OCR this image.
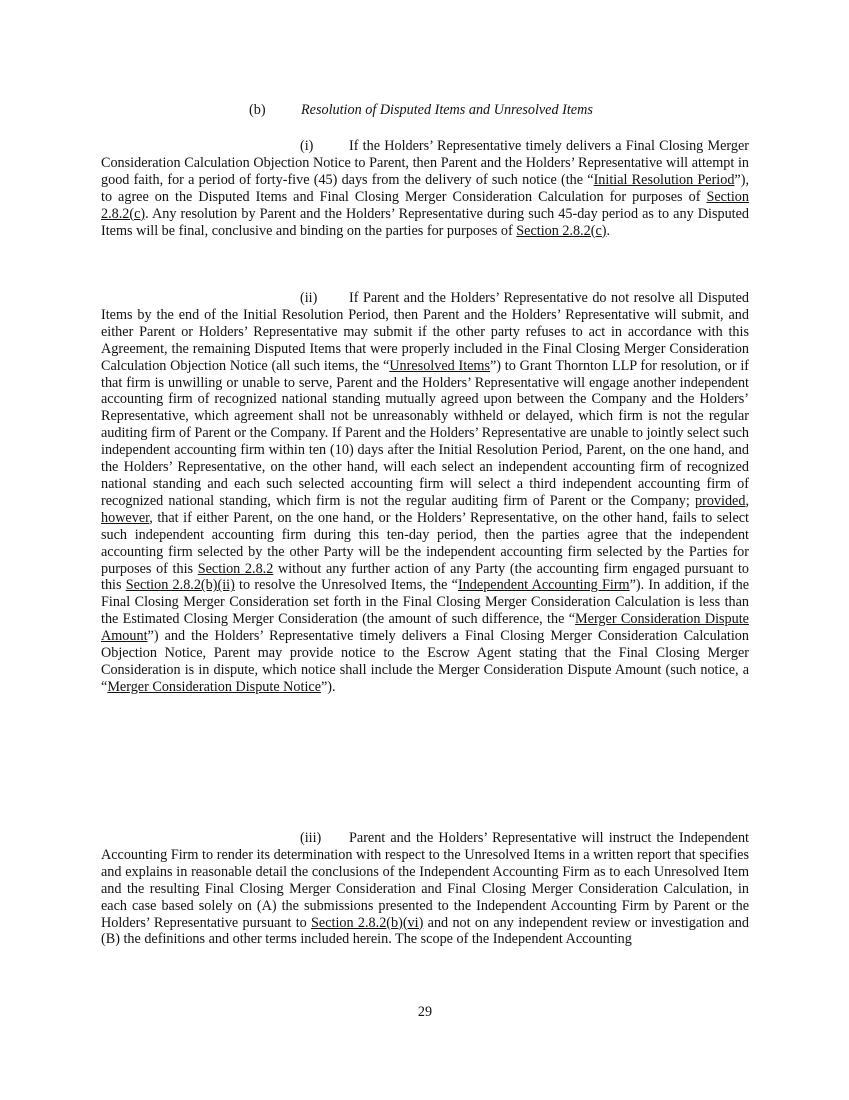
(b) Resolution of Disputed Items and Unresolved Items

(i)	If the Holders’ Representative timely delivers a Final Closing Merger Consideration Calculation Objection Notice to Parent, then Parent and the Holders’ Representative will attempt in good faith, for a period of forty-five (45) days from the delivery of such notice (the “Initial Resolution Period”), to agree on the Disputed Items and Final Closing Merger Consideration Calculation for purposes of Section 2.8.2(c). Any resolution by Parent and the Holders’ Representative during such 45-day period as to any Disputed Items will be final, conclusive and binding on the parties for purposes of Section 2.8.2(c).

(ii) If Parent and the Holders’ Representative do not resolve all Disputed Items by the end of the Initial Resolution Period, then Parent and the Holders’ Representative will submit, and either Parent or Holders’ Representative may submit if the other party refuses to act in accordance with this Agreement, the remaining Disputed Items that were properly included in the Final Closing Merger Consideration Calculation Objection Notice (all such items, the “Unresolved Items”) to Grant Thornton LLP for resolution, or if that firm is unwilling or unable to serve, Parent and the Holders’ Representative will engage another independent accounting firm of recognized national standing mutually agreed upon between the Company and the Holders’ Representative, which agreement shall not be unreasonably withheld or delayed, which firm is not the regular auditing firm of Parent or the Company. If Parent and the Holders’ Representative are unable to jointly select such independent accounting firm within ten (10) days after the Initial Resolution Period, Parent, on the one hand, and the Holders’ Representative, on the other hand, will each select an independent accounting firm of recognized national standing and each such selected accounting firm will select a third independent accounting firm of recognized national standing, which firm is not the regular auditing firm of Parent or the Company; provided, however, that if either Parent, on the one hand, or the Holders’ Representative, on the other hand, fails to select such independent accounting firm during this ten-day period, then the parties agree that the independent accounting firm selected by the other Party will be the independent accounting firm selected by the Parties for purposes of this Section 2.8.2 without any further action of any Party (the accounting firm engaged pursuant to this Section 2.8.2(b)(ii) to resolve the Unresolved Items, the “Independent Accounting Firm”). In addition, if the Final Closing Merger Consideration set forth in the Final Closing Merger Consideration Calculation is less than the Estimated Closing Merger Consideration (the amount of such difference, the “Merger Consideration Dispute Amount”) and the Holders’ Representative timely delivers a Final Closing Merger Consideration Calculation Objection Notice, Parent may provide notice to the Escrow Agent stating that the Final Closing Merger Consideration is in dispute, which notice shall include the Merger Consideration Dispute Amount (such notice, a “Merger Consideration Dispute Notice”).

(iii) Parent and the Holders’ Representative will instruct the Independent Accounting Firm to render its determination with respect to the Unresolved Items in a written report that specifies and explains in reasonable detail the conclusions of the Independent Accounting Firm as to each Unresolved Item and the resulting Final Closing Merger Consideration and Final Closing Merger Consideration Calculation, in each case based solely on (A) the submissions presented to the Independent Accounting Firm by Parent or the Holders’ Representative pursuant to Section 2.8.2(b)(vi) and not on any independent review or investigation and (B) the definitions and other terms included herein. The scope of the Independent Accounting

29
